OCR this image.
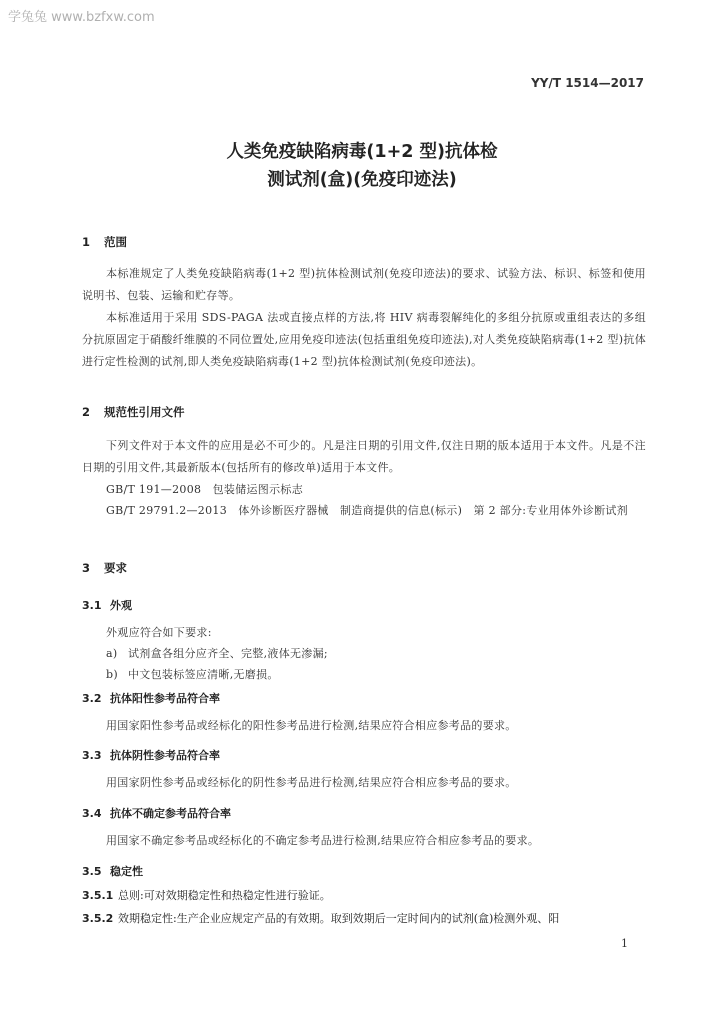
学兔兔 www.bzfxw.com
YY/T 1514—2017
人类免疫缺陷病毒(1+2 型)抗体检
测试剂(盒)(免疫印迹法)
1 范围
本标准规定了人类免疫缺陷病毒(1+2 型)抗体检测试剂(免疫印迹法)的要求、试验方法、标识、标签和使用说明书、包装、运输和贮存等。
本标准适用于采用 SDS-PAGA 法或直接点样的方法,将 HIV 病毒裂解纯化的多组分抗原或重组表达的多组分抗原固定于硝酸纤维膜的不同位置处,应用免疫印迹法(包括重组免疫印迹法),对人类免疫缺陷病毒(1+2 型)抗体进行定性检测的试剂,即人类免疫缺陷病毒(1+2 型)抗体检测试剂(免疫印迹法)。
2 规范性引用文件
下列文件对于本文件的应用是必不可少的。凡是注日期的引用文件,仅注日期的版本适用于本文件。凡是不注日期的引用文件,其最新版本(包括所有的修改单)适用于本文件。
GB/T 191—2008　包装储运图示标志
GB/T 29791.2—2013　体外诊断医疗器械　制造商提供的信息(标示)　第 2 部分:专业用体外诊断试剂
3 要求
3.1 外观
外观应符合如下要求:
a) 试剂盒各组分应齐全、完整,液体无渗漏;
b) 中文包装标签应清晰,无磨损。
3.2 抗体阳性参考品符合率
用国家阳性参考品或经标化的阳性参考品进行检测,结果应符合相应参考品的要求。
3.3 抗体阴性参考品符合率
用国家阴性参考品或经标化的阴性参考品进行检测,结果应符合相应参考品的要求。
3.4 抗体不确定参考品符合率
用国家不确定参考品或经标化的不确定参考品进行检测,结果应符合相应参考品的要求。
3.5 稳定性
3.5.1 总则:可对效期稳定性和热稳定性进行验证。
3.5.2 效期稳定性:生产企业应规定产品的有效期。取到效期后一定时间内的试剂(盒)检测外观、阳
1
